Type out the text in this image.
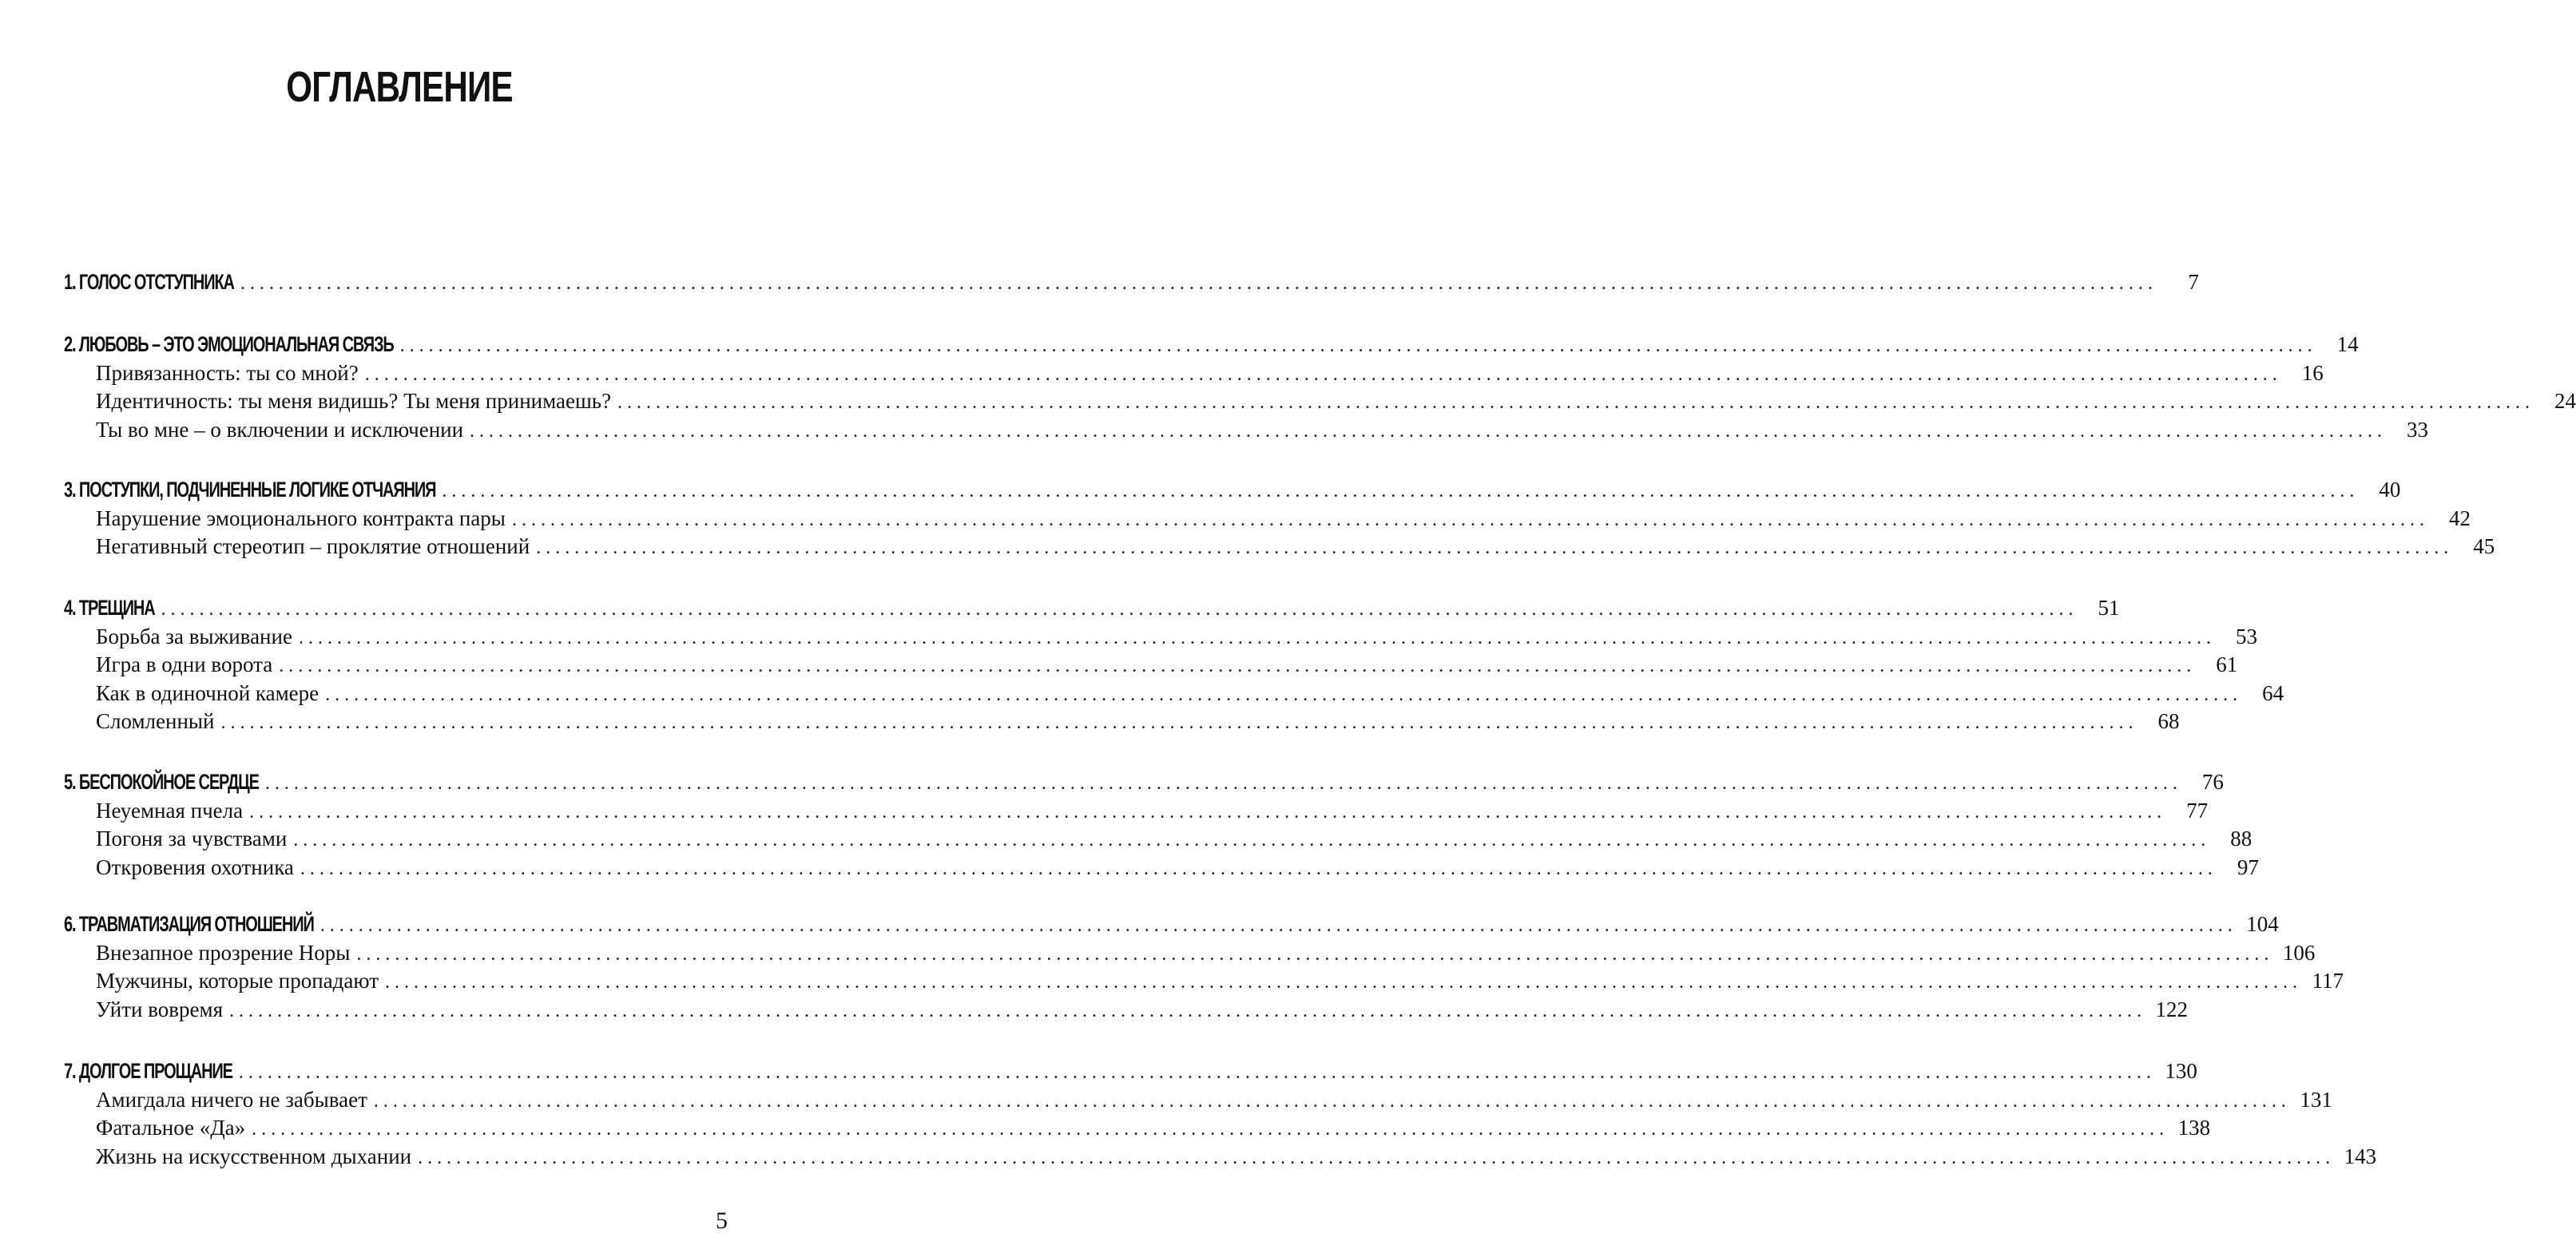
ОГЛАВЛЕНИЕ
1. ГОЛОС ОТСТУПНИКА ........................................................................................................................................................................................................	7
2. ЛЮБОВЬ – ЭТО ЭМОЦИОНАЛЬНАЯ СВЯЗЬ ........................................................................................................................................................................................................ 14
Привязанность: ты со мной? ........................................................................................................................................................................................................ 16
Идентичность: ты меня видишь? Ты меня принимаешь? ........................................................................................................................................................................................................ 24
Ты во мне – о включении и исключении ........................................................................................................................................................................................................ 33
3. ПОСТУПКИ, ПОДЧИНЕННЫЕ ЛОГИКЕ ОТЧАЯНИЯ ........................................................................................................................................................................................................ 40
Нарушение эмоционального контракта пары ........................................................................................................................................................................................................ 42
Негативный стереотип – проклятие отношений ........................................................................................................................................................................................................ 45
4. ТРЕЩИНА ........................................................................................................................................................................................................ 51
Борьба за выживание ........................................................................................................................................................................................................ 53
Игра в одни ворота ........................................................................................................................................................................................................ 61
Как в одиночной камере ........................................................................................................................................................................................................ 64
Сломленный ........................................................................................................................................................................................................ 68
5. БЕСПОКОЙНОЕ СЕРДЦЕ ........................................................................................................................................................................................................ 76
Неуемная пчела ........................................................................................................................................................................................................ 77
Погоня за чувствами ........................................................................................................................................................................................................ 88
Откровения охотника ........................................................................................................................................................................................................ 97
6. ТРАВМАТИЗАЦИЯ ОТНОШЕНИЙ ........................................................................................................................................................................................................ 104
Внезапное прозрение Норы ........................................................................................................................................................................................................ 106
Мужчины, которые пропадают ........................................................................................................................................................................................................ 117
Уйти вовремя ........................................................................................................................................................................................................ 122
7. ДОЛГОЕ ПРОЩАНИЕ ........................................................................................................................................................................................................ 130
Амигдала ничего не забывает ........................................................................................................................................................................................................ 131
Фатальное «Да» ........................................................................................................................................................................................................ 138
Жизнь на искусственном дыхании ........................................................................................................................................................................................................ 143
5
